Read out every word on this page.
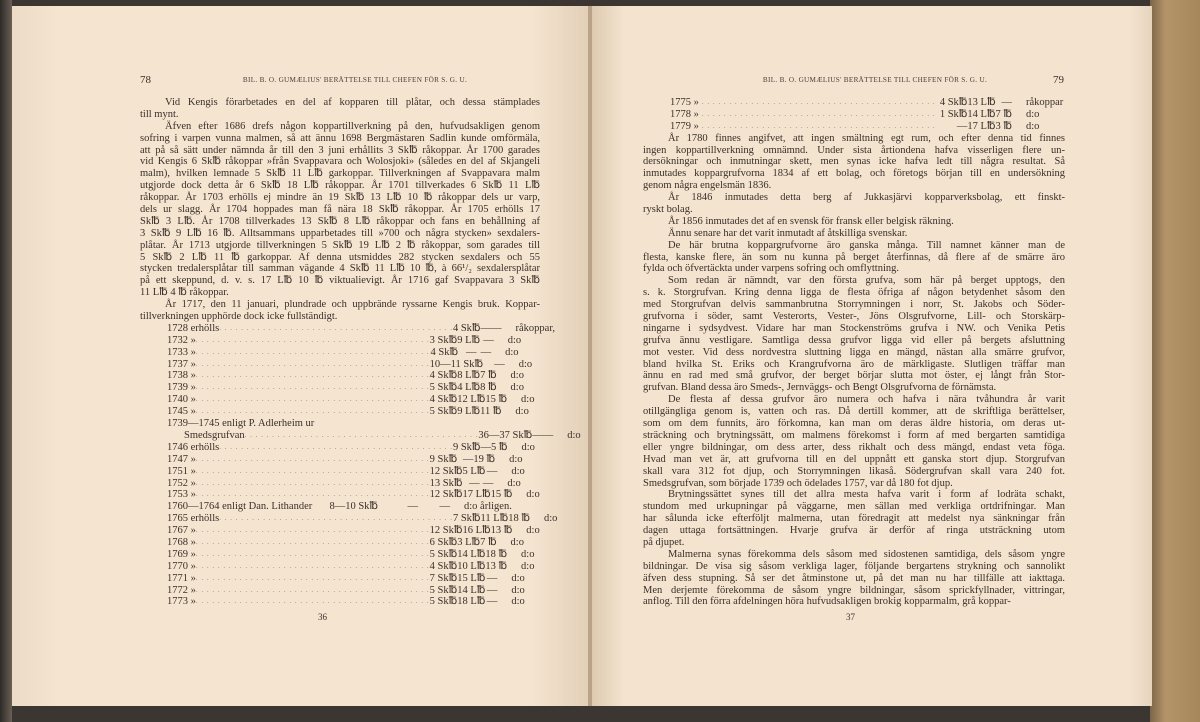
78	BIL. B. O. GUMÆLIUS' BERÄTTELSE TILL CHEFEN FÖR S. G. U.
Vid Kengis förarbetades en del af kopparen till plåtar, och dessa stämplades
till mynt.
Äfven efter 1686 drefs någon koppartillverkning på den, hufvudsakligen genom
sofring i varpen vunna malmen, så att ännu 1698 Bergmästaren Sadlin kunde omförmäla,
att på så sätt under nämnda år till den 3 juni erhållits 3 Sk℔ råkoppar. År 1700 garades
vid Kengis 6 Sk℔ råkoppar »från Svappavara och Wolosjoki» (således en del af Skjangeli
malm), hvilken lemnade 5 Sk℔ 11 L℔ garkoppar. Tillverkningen af Svappavara malm
utgjorde dock detta år 6 Sk℔ 18 L℔ råkoppar. År 1701 tillverkades 6 Sk℔ 11 L℔
råkoppar. År 1703 erhölls ej mindre än 19 Sk℔ 13 L℔ 10 ℔ råkoppar dels ur varp,
dels ur slagg. År 1704 hoppades man få nära 18 Sk℔ råkoppar. År 1705 erhölls 17
Sk℔ 3 L℔. År 1708 tillverkades 13 Sk℔ 8 L℔ råkoppar och fans en behållning af
3 Sk℔ 9 L℔ 16 ℔. Alltsammans upparbetades till »700 och några stycken» sexdalers-
plåtar. År 1713 utgjorde tillverkningen 5 Sk℔ 19 L℔ 2 ℔ råkoppar, som garades till
5 Sk℔ 2 L℔ 11 ℔ garkoppar. Af denna utsmiddes 282 stycken sexdalers och 55
stycken tredalersplåtar till samman vägande 4 Sk℔ 11 L℔ 10 ℔, à 66¹/₂ sexdalersplåtar
på ett skeppund, d. v. s. 17 L℔ 10 ℔ viktualievigt. År 1716 gaf Svappavara 3 Sk℔
11 L℔ 4 ℔ råkoppar.
År 1717, den 11 januari, plundrade och uppbrände ryssarne Kengis bruk. Koppar-
tillverkningen upphörde dock icke fullständigt.
1728 erhölls . . . . . . . . . . . . . . . . . . . . . . . . . . . . . . . . . . . . . . . . . . . 4 Sk℔ — —	råkoppar,
1732 » . . . . . . . . . . . . . . . . . . . . . . . . . . . . . . . . . . . . . . . . . . . 3 Sk℔ 9 L℔ —	d:o
1733 » . . . . . . . . . . . . . . . . . . . . . . . . . . . . . . . . . . . . . . . . . . . 4 Sk℔ — —	d:o
1737 » . . . . . . . . . . . . . . . . . . . . . . . . . . . . . . . . . . . . . . . . . . . 10—11 Sk℔ —	d:o
1738 » . . . . . . . . . . . . . . . . . . . . . . . . . . . . . . . . . . . . . . . . . . . 4 Sk℔ 8 L℔ 7 ℔	d:o
1739 » . . . . . . . . . . . . . . . . . . . . . . . . . . . . . . . . . . . . . . . . . . . 5 Sk℔ 4 L℔ 8 ℔	d:o
1740 » . . . . . . . . . . . . . . . . . . . . . . . . . . . . . . . . . . . . . . . . . . . 4 Sk℔ 12 L℔ 15 ℔	d:o
1745 » . . . . . . . . . . . . . . . . . . . . . . . . . . . . . . . . . . . . . . . . . . . 5 Sk℔ 9 L℔ 11 ℔	d:o
1739—1745 enligt P. Adlerheim ur
Smedsgrufvan . . . . . . . . . . . . . . . . . . . . . . . . . . . . . . . . . . . . . . . . . . . 36—37 Sk℔ — —	d:o
1746 erhölls . . . . . . . . . . . . . . . . . . . . . . . . . . . . . . . . . . . . . . . . . . . 9 Sk℔ — 5 ℔	d:o
1747 » . . . . . . . . . . . . . . . . . . . . . . . . . . . . . . . . . . . . . . . . . . . 9 Sk℔ — 19 ℔	d:o
1751 » . . . . . . . . . . . . . . . . . . . . . . . . . . . . . . . . . . . . . . . . . . . 12 Sk℔ 5 L℔ —	d:o
1752 » . . . . . . . . . . . . . . . . . . . . . . . . . . . . . . . . . . . . . . . . . . . 13 Sk℔ — —	d:o
1753 » . . . . . . . . . . . . . . . . . . . . . . . . . . . . . . . . . . . . . . . . . . . 12 Sk℔ 17 L℔ 15 ℔	d:o
1760—1764 enligt Dan. Lithander	8—10 Sk℔	—	—	d:o årligen.
1765 erhölls . . . . . . . . . . . . . . . . . . . . . . . . . . . . . . . . . . . . . . . . . . . 7 Sk℔ 11 L℔ 18 ℔	d:o
1767 » . . . . . . . . . . . . . . . . . . . . . . . . . . . . . . . . . . . . . . . . . . . 12 Sk℔ 16 L℔ 13 ℔	d:o
1768 » . . . . . . . . . . . . . . . . . . . . . . . . . . . . . . . . . . . . . . . . . . . 6 Sk℔ 3 L℔ 7 ℔	d:o
1769 » . . . . . . . . . . . . . . . . . . . . . . . . . . . . . . . . . . . . . . . . . . . 5 Sk℔ 14 L℔ 18 ℔	d:o
1770 » . . . . . . . . . . . . . . . . . . . . . . . . . . . . . . . . . . . . . . . . . . . 4 Sk℔ 10 L℔ 13 ℔	d:o
1771 » . . . . . . . . . . . . . . . . . . . . . . . . . . . . . . . . . . . . . . . . . . . 7 Sk℔ 15 L℔ —	d:o
1772 » . . . . . . . . . . . . . . . . . . . . . . . . . . . . . . . . . . . . . . . . . . . 5 Sk℔ 14 L℔ —	d:o
1773 » . . . . . . . . . . . . . . . . . . . . . . . . . . . . . . . . . . . . . . . . . . . 5 Sk℔ 18 L℔ —	d:o
36
79
BIL. B. O. GUMÆLIUS' BERÄTTELSE TILL CHEFEN FÖR S. G. U.
1775 » . . . . . . . . . . . . . . . . . . . . . . . . . . . . . . . . . . . . . . . . . . . 4 Sk℔ 13 L℔ —	råkoppar
1778 » . . . . . . . . . . . . . . . . . . . . . . . . . . . . . . . . . . . . . . . . . . . 1 Sk℔ 14 L℔ 7 ℔	d:o
1779 » . . . . . . . . . . . . . . . . . . . . . . . . . . . . . . . . . . . . . . . . . . .	— 17 L℔ 3 ℔	d:o
År 1780 finnes angifvet, att ingen smältning egt rum, och efter denna tid finnes
ingen koppartillverkning omnämnd. Under sista årtiondena hafva visserligen flere un-
dersökningar och inmutningar skett, men synas icke hafva ledt till några resultat. Så
inmutades koppargrufvorna 1834 af ett bolag, och företogs början till en undersökning
genom några engelsmän 1836.
År 1846 inmutades detta berg af Jukkasjärvi kopparverksbolag, ett finskt-
ryskt bolag.
År 1856 inmutades det af en svensk för fransk eller belgisk räkning.
Ännu senare har det varit inmutadt af åtskilliga svenskar.
De här brutna koppargrufvorne äro ganska många. Till namnet känner man de
flesta, kanske flere, än som nu kunna på berget återfinnas, då flere af de smärre äro
fylda och öfvertäckta under varpens sofring och omflyttning.
Som redan är nämndt, var den första grufva, som här på berget upptogs, den
s. k. Storgrufvan. Kring denna ligga de flesta öfriga af någon betydenhet såsom den
med Storgrufvan delvis sammanbrutna Storrymningen i norr, St. Jakobs och Söder-
grufvorna i söder, samt Vesterorts, Vester-, Jöns Olsgrufvorne, Lill- och Storskärp-
ningarne i sydsydvest. Vidare har man Stockenströms grufva i NW. och Venika Petis
grufva ännu vestligare. Samtliga dessa grufvor ligga vid eller på bergets afsluttning
mot vester. Vid dess nordvestra sluttning ligga en mängd, nästan alla smärre grufvor,
bland hvilka St. Eriks och Krangrufvorna äro de märkligaste. Slutligen träffar man
ännu en rad med små grufvor, der berget börjar slutta mot öster, ej långt från Stor-
grufvan. Bland dessa äro Smeds-, Jernväggs- och Bengt Olsgrufvorna de förnämsta.
De flesta af dessa grufvor äro numera och hafva i nära tvåhundra år varit
otillgängliga genom is, vatten och ras. Då dertill kommer, att de skriftliga berättelser,
som om dem funnits, äro förkomna, kan man om deras äldre historia, om deras ut-
sträckning och brytningssätt, om malmens förekomst i form af med bergarten samtidiga
eller yngre bildningar, om dess arter, dess rikhalt och dess mängd, endast veta föga.
Hvad man vet är, att grufvorna till en del uppnått ett ganska stort djup. Storgrufvan
skall vara 312 fot djup, och Storrymningen likaså. Södergrufvan skall vara 240 fot.
Smedsgrufvan, som började 1739 och ödelades 1757, var då 180 fot djup.
Brytningssättet synes till det allra mesta hafva varit i form af lodräta schakt,
stundom med urkupningar på väggarne, men sällan med verkliga ortdrifningar. Man
har sålunda icke efterföljt malmerna, utan föredragit att medelst nya sänkningar från
dagen uttaga fortsättningen. Hvarje grufva är derför af ringa utsträckning utom
på djupet.
Malmerna synas förekomma dels såsom med sidostenen samtidiga, dels såsom yngre
bildningar. De visa sig såsom verkliga lager, följande bergartens strykning och sannolikt
äfven dess stupning. Så ser det åtminstone ut, på det man nu har tillfälle att iakttaga.
Men derjemte förekomma de såsom yngre bildningar, såsom sprickfyllnader, vittringar,
anflog. Till den förra afdelningen höra hufvudsakligen brokig kopparmalm, grå koppar-
37
